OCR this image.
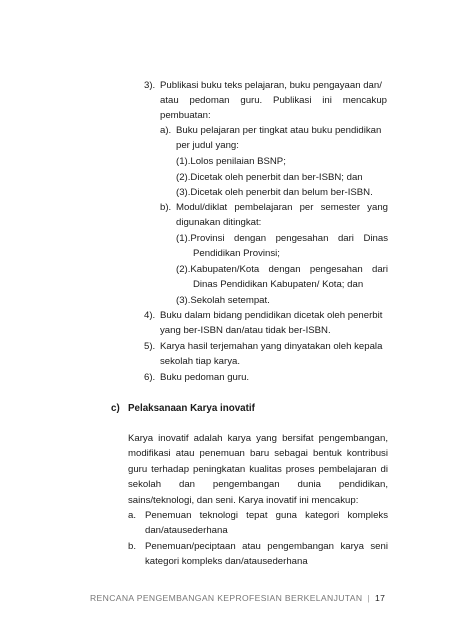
3). Publikasi buku teks pelajaran, buku pengayaan dan/
atau pedoman guru. Publikasi ini mencakup
pembuatan:
a). Buku pelajaran per tingkat atau buku pendidikan
per judul yang:
(1).Lolos penilaian BSNP;
(2).Dicetak oleh penerbit dan ber-ISBN; dan
(3).Dicetak oleh penerbit dan belum ber-ISBN.
b). Modul/diklat pembelajaran per semester yang
digunakan ditingkat:
(1).Provinsi dengan pengesahan dari Dinas
Pendidikan Provinsi;
(2).Kabupaten/Kota dengan pengesahan dari
Dinas Pendidikan Kabupaten/ Kota; dan
(3).Sekolah setempat.
4). Buku dalam bidang pendidikan dicetak oleh penerbit
yang ber-ISBN dan/atau tidak ber-ISBN.
5). Karya hasil terjemahan yang dinyatakan oleh kepala
sekolah tiap karya.
6). Buku pedoman guru.
c) Pelaksanaan Karya inovatif
Karya inovatif adalah karya yang bersifat pengembangan,
modifikasi atau penemuan baru sebagai bentuk kontribusi
guru terhadap peningkatan kualitas proses pembelajaran di
sekolah dan pengembangan dunia pendidikan,
sains/teknologi, dan seni. Karya inovatif ini mencakup:
a. Penemuan teknologi tepat guna kategori kompleks
dan/atausederhana
b. Penemuan/peciptaan atau pengembangan karya seni
kategori kompleks dan/atausederhana
RENCANA PENGEMBANGAN KEPROFESIAN BERKELANJUTAN | 17
